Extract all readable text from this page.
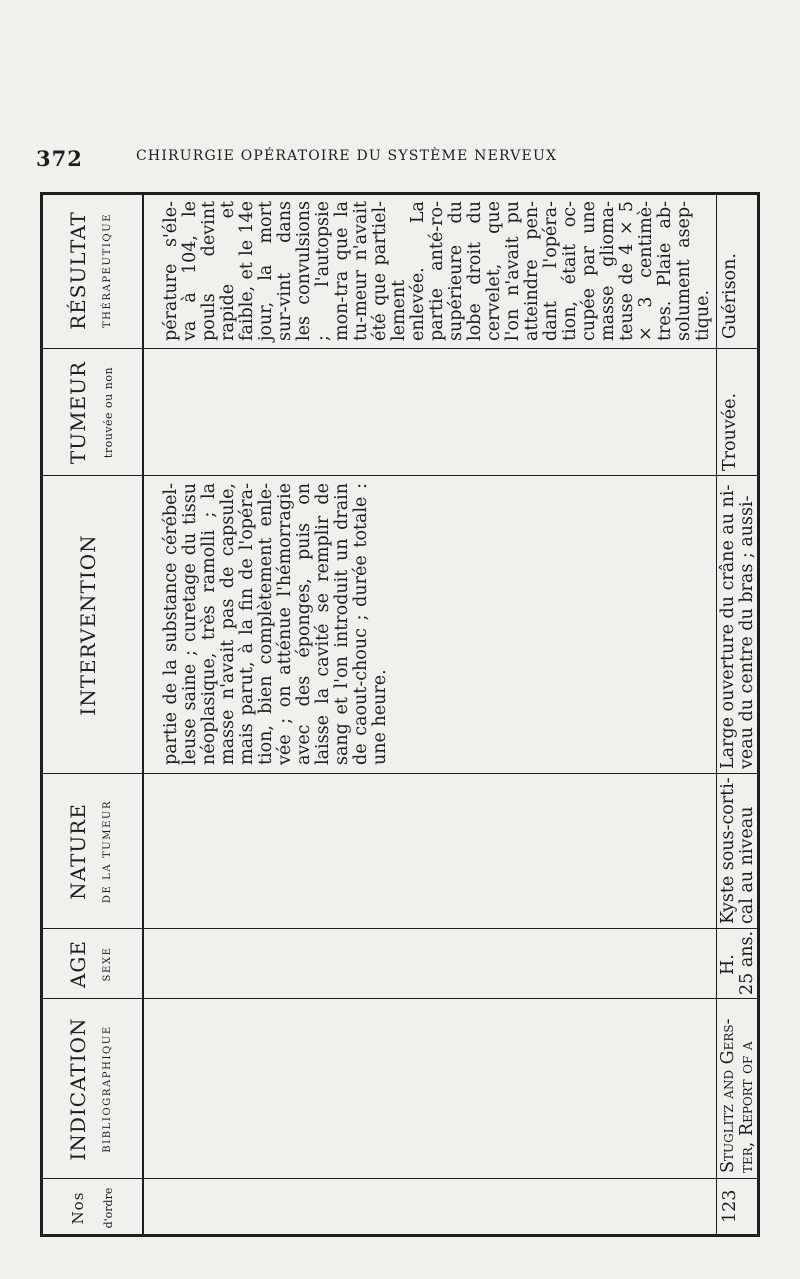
372	CHIRURGIE OPÉRATOIRE DU SYSTÈME NERVEUX
Nos d'ordre
INDICATION BIBLIOGRAPHIQUE
AGE SEXE
NATURE DE LA TUMEUR
INTERVENTION
TUMEUR trouvée ou non
RÉSULTAT THÉRAPEUTIQUE
partie de la substance cérébel-leuse saine ; curetage du tissu néoplasique, très ramolli ; la masse n'avait pas de capsule, mais parut, à la fin de l'opéra-tion, bien complètement enle-vée ; on atténue l'hémorragie avec des éponges, puis on laisse la cavité se remplir de sang et l'on introduit un drain de caout-chouc ; durée totale : une heure.
pérature s'éle-va à 104, le pouls devint rapide et faible, et le 14e jour, la mort sur-vint dans les convulsions ; l'autopsie mon-tra que la tu-meur n'avait été que partiel-lement enlevée. La partie anté-ro-supérieure du lobe droit du cervelet, que l'on n'avait pu atteindre pen-dant l'opéra-tion, était oc-cupée par une masse glioma-teuse de 4 × 5 × 3 centimè-tres. Plaie ab-solument asep-tique.
123
Stuglitz and Gers- ter, Report of a
H. 25 ans.
Kyste sous-corti- cal au niveau
Large ouverture du crâne au ni- veau du centre du bras ; aussi-
Trouvée.
Guérison.
